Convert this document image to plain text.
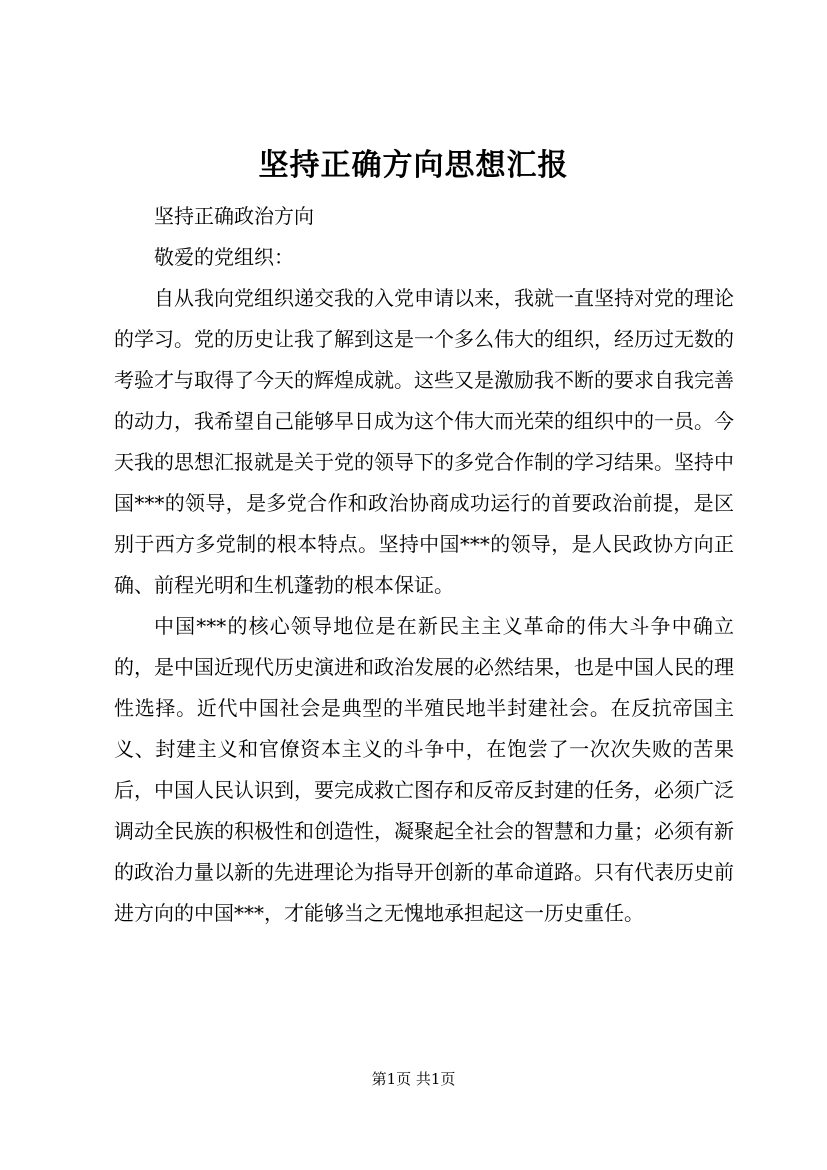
坚持正确方向思想汇报

坚持正确政治方向

敬爱的党组织：

自从我向党组织递交我的入党申请以来，我就一直坚持对党的理论的学习。党的历史让我了解到这是一个多么伟大的组织，经历过无数的考验才与取得了今天的辉煌成就。这些又是激励我不断的要求自我完善的动力，我希望自己能够早日成为这个伟大而光荣的组织中的一员。今天我的思想汇报就是关于党的领导下的多党合作制的学习结果。坚持中国***的领导，是多党合作和政治协商成功运行的首要政治前提，是区别于西方多党制的根本特点。坚持中国***的领导，是人民政协方向正确、前程光明和生机蓬勃的根本保证。

中国***的核心领导地位是在新民主主义革命的伟大斗争中确立的，是中国近现代历史演进和政治发展的必然结果，也是中国人民的理性选择。近代中国社会是典型的半殖民地半封建社会。在反抗帝国主义、封建主义和官僚资本主义的斗争中，在饱尝了一次次失败的苦果后，中国人民认识到，要完成救亡图存和反帝反封建的任务，必须广泛调动全民族的积极性和创造性，凝聚起全社会的智慧和力量；必须有新的政治力量以新的先进理论为指导开创新的革命道路。只有代表历史前进方向的中国***，才能够当之无愧地承担起这一历史重任。

第1页 共1页
